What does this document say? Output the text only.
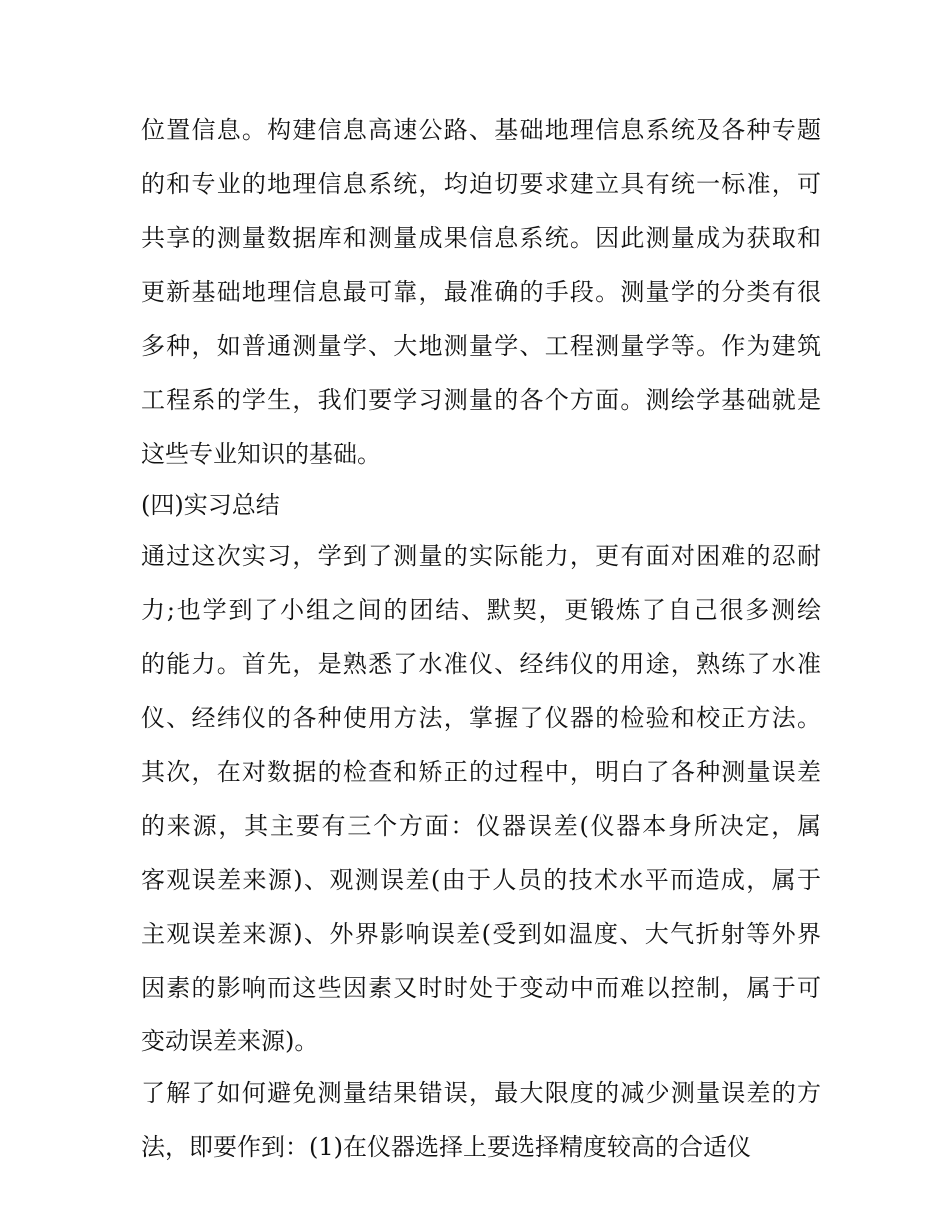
位置信息。构建信息高速公路、基础地理信息系统及各种专题

的和专业的地理信息系统，均迫切要求建立具有统一标准，可

共享的测量数据库和测量成果信息系统。因此测量成为获取和

更新基础地理信息最可靠，最准确的手段。测量学的分类有很

多种，如普通测量学、大地测量学、工程测量学等。作为建筑

工程系的学生，我们要学习测量的各个方面。测绘学基础就是

这些专业知识的基础。

(四)实习总结

通过这次实习，学到了测量的实际能力，更有面对困难的忍耐

力;也学到了小组之间的团结、默契，更锻炼了自己很多测绘

的能力。首先，是熟悉了水准仪、经纬仪的用途，熟练了水准

仪、经纬仪的各种使用方法，掌握了仪器的检验和校正方法。

其次，在对数据的检查和矫正的过程中，明白了各种测量误差

的来源，其主要有三个方面：仪器误差(仪器本身所决定，属

客观误差来源)、观测误差(由于人员的技术水平而造成，属于

主观误差来源)、外界影响误差(受到如温度、大气折射等外界

因素的影响而这些因素又时时处于变动中而难以控制，属于可

变动误差来源)。

了解了如何避免测量结果错误，最大限度的减少测量误差的方

法，即要作到：(1)在仪器选择上要选择精度较高的合适仪
